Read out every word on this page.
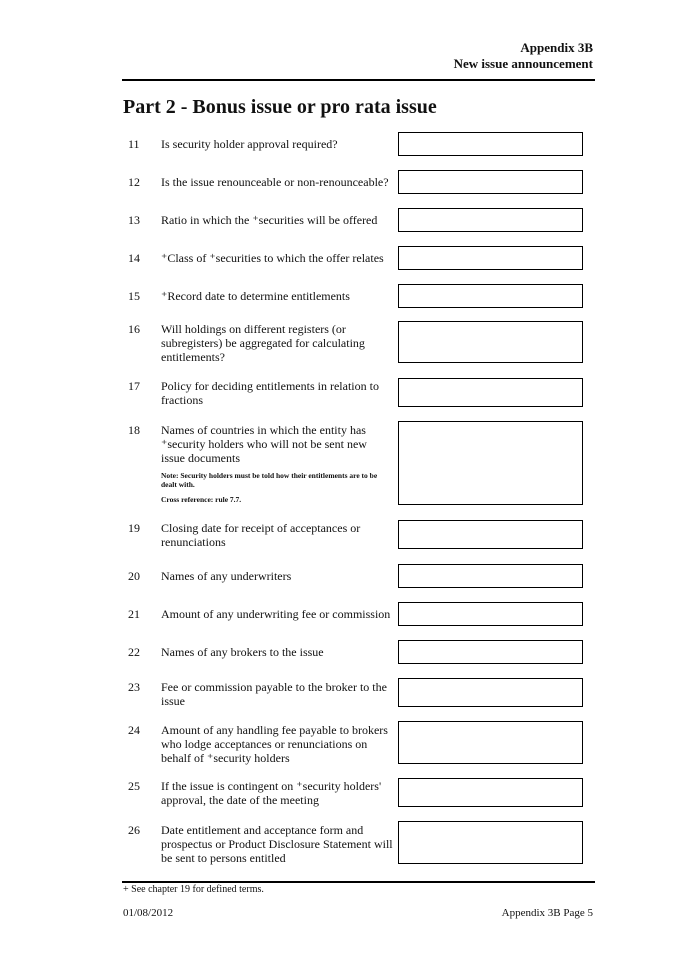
Appendix 3B
New issue announcement
Part 2 - Bonus issue or pro rata issue
11 Is security holder approval required?
12 Is the issue renounceable or non-renounceable?
13 Ratio in which the ⁺securities will be offered
14 ⁺Class of ⁺securities to which the offer relates
15 ⁺Record date to determine entitlements
16 Will holdings on different registers (or subregisters) be aggregated for calculating entitlements?
17 Policy for deciding entitlements in relation to fractions
18 Names of countries in which the entity has ⁺security holders who will not be sent new issue documents
Note: Security holders must be told how their entitlements are to be dealt with.
Cross reference: rule 7.7.
19 Closing date for receipt of acceptances or renunciations
20 Names of any underwriters
21 Amount of any underwriting fee or commission
22 Names of any brokers to the issue
23 Fee or commission payable to the broker to the issue
24 Amount of any handling fee payable to brokers who lodge acceptances or renunciations on behalf of ⁺security holders
25 If the issue is contingent on ⁺security holders' approval, the date of the meeting
26 Date entitlement and acceptance form and prospectus or Product Disclosure Statement will be sent to persons entitled
+ See chapter 19 for defined terms.
01/08/2012	Appendix 3B Page 5
